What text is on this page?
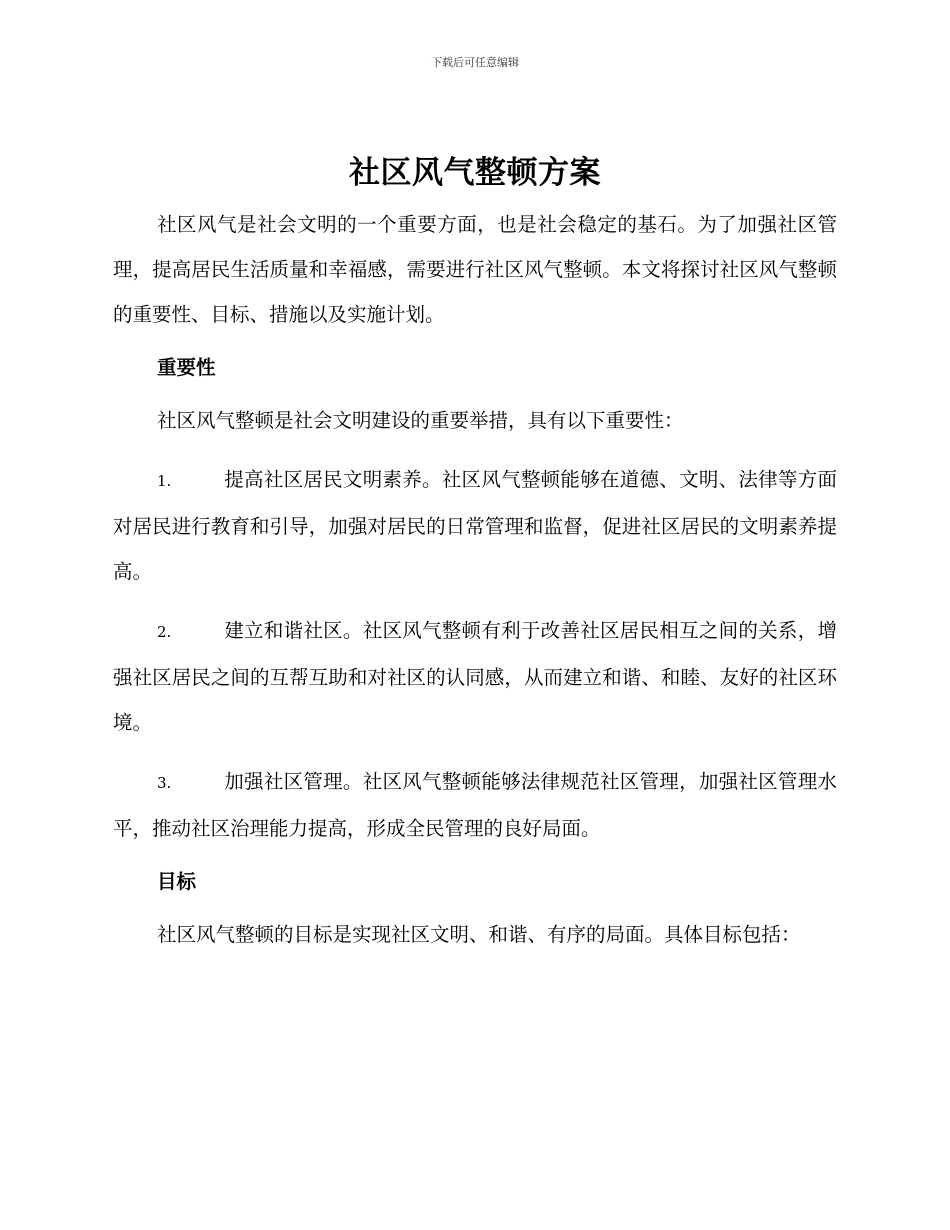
下载后可任意编辑
社区风气整顿方案

社区风气是社会文明的一个重要方面，也是社会稳定的基石。为了加强社区管理，提高居民生活质量和幸福感，需要进行社区风气整顿。本文将探讨社区风气整顿的重要性、目标、措施以及实施计划。

重要性

社区风气整顿是社会文明建设的重要举措，具有以下重要性：

1.	提高社区居民文明素养。社区风气整顿能够在道德、文明、法律等方面对居民进行教育和引导，加强对居民的日常管理和监督，促进社区居民的文明素养提高。

2.	建立和谐社区。社区风气整顿有利于改善社区居民相互之间的关系，增强社区居民之间的互帮互助和对社区的认同感，从而建立和谐、和睦、友好的社区环境。

3.	加强社区管理。社区风气整顿能够法律规范社区管理，加强社区管理水平，推动社区治理能力提高，形成全民管理的良好局面。

目标

社区风气整顿的目标是实现社区文明、和谐、有序的局面。具体目标包括：
